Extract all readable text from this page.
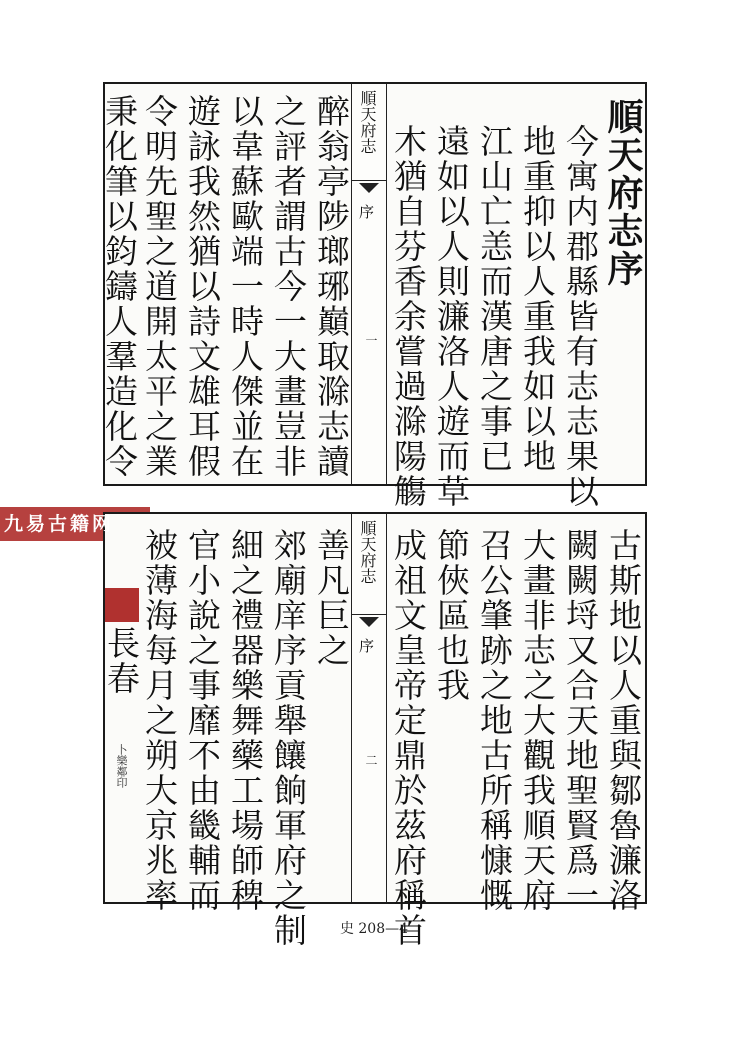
九易古籍网
順天府志序
今寓内郡縣皆有志志果以
地重抑以人重我如以地
江山亡恙而漢唐之事已
遠如以人則濂洛人遊而草
木猶自芬香余嘗過滁陽觴
順天府志
序
一
醉翁亭陟瑯琊巔取滁志讀
之評者謂古今一大畫豈非
以韋蘇歐端一時人傑並在
遊詠我然猶以詩文雄耳假
令明先聖之道開太平之業
秉化筆以鈞鑄人羣造化令
古斯地以人重與鄒魯濂洛
闕闕埒又合天地聖賢爲一
大畫非志之大觀我順天府
召公肇跡之地古所稱慷慨
節俠區也我
成祖文皇帝定鼎於茲府稱首
順天府志
序
二
善凡巨之
郊廟庠序貢舉饟餉軍府之制
細之禮器樂舞藥工場師稗
官小說之事靡不由畿輔而
被薄海每月之朔大京兆率
長春
卜樂鄰印
史 208—4
